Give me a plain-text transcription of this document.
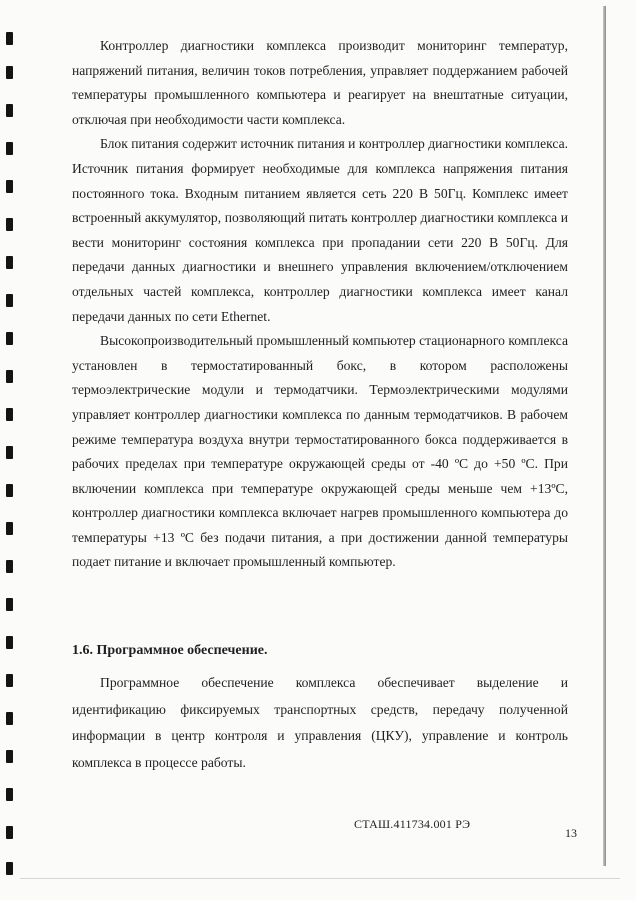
Контроллер диагностики комплекса производит мониторинг температур, напряжений питания, величин токов потребления, управляет поддержанием рабочей температуры промышленного компьютера и реагирует на внештатные ситуации, отключая при необходимости части комплекса.

Блок питания содержит источник питания и контроллер диагностики комплекса. Источник питания формирует необходимые для комплекса напряжения питания постоянного тока. Входным питанием является сеть 220 В 50Гц. Комплекс имеет встроенный аккумулятор, позволяющий питать контроллер диагностики комплекса и вести мониторинг состояния комплекса при пропадании сети 220 В 50Гц. Для передачи данных диагностики и внешнего управления включением/отключением отдельных частей комплекса, контроллер диагностики комплекса имеет канал передачи данных по сети Ethernet.

Высокопроизводительный промышленный компьютер стационарного комплекса установлен в термостатированный бокс, в котором расположены термоэлектрические модули и термодатчики. Термоэлектрическими модулями управляет контроллер диагностики комплекса по данным термодатчиков. В рабочем режиме температура воздуха внутри термостатированного бокса поддерживается в рабочих пределах при температуре окружающей среды от -40 ºС до +50 ºС. При включении комплекса при температуре окружающей среды меньше чем +13ºС, контроллер диагностики комплекса включает нагрев промышленного компьютера до температуры +13 ºС без подачи питания, а при достижении данной температуры подает питание и включает промышленный компьютер.

1.6. Программное обеспечение.

Программное обеспечение комплекса обеспечивает выделение и идентификацию фиксируемых транспортных средств, передачу полученной информации в центр контроля и управления (ЦКУ), управление и контроль комплекса в процессе работы.

СТАШ.411734.001 РЭ
13
